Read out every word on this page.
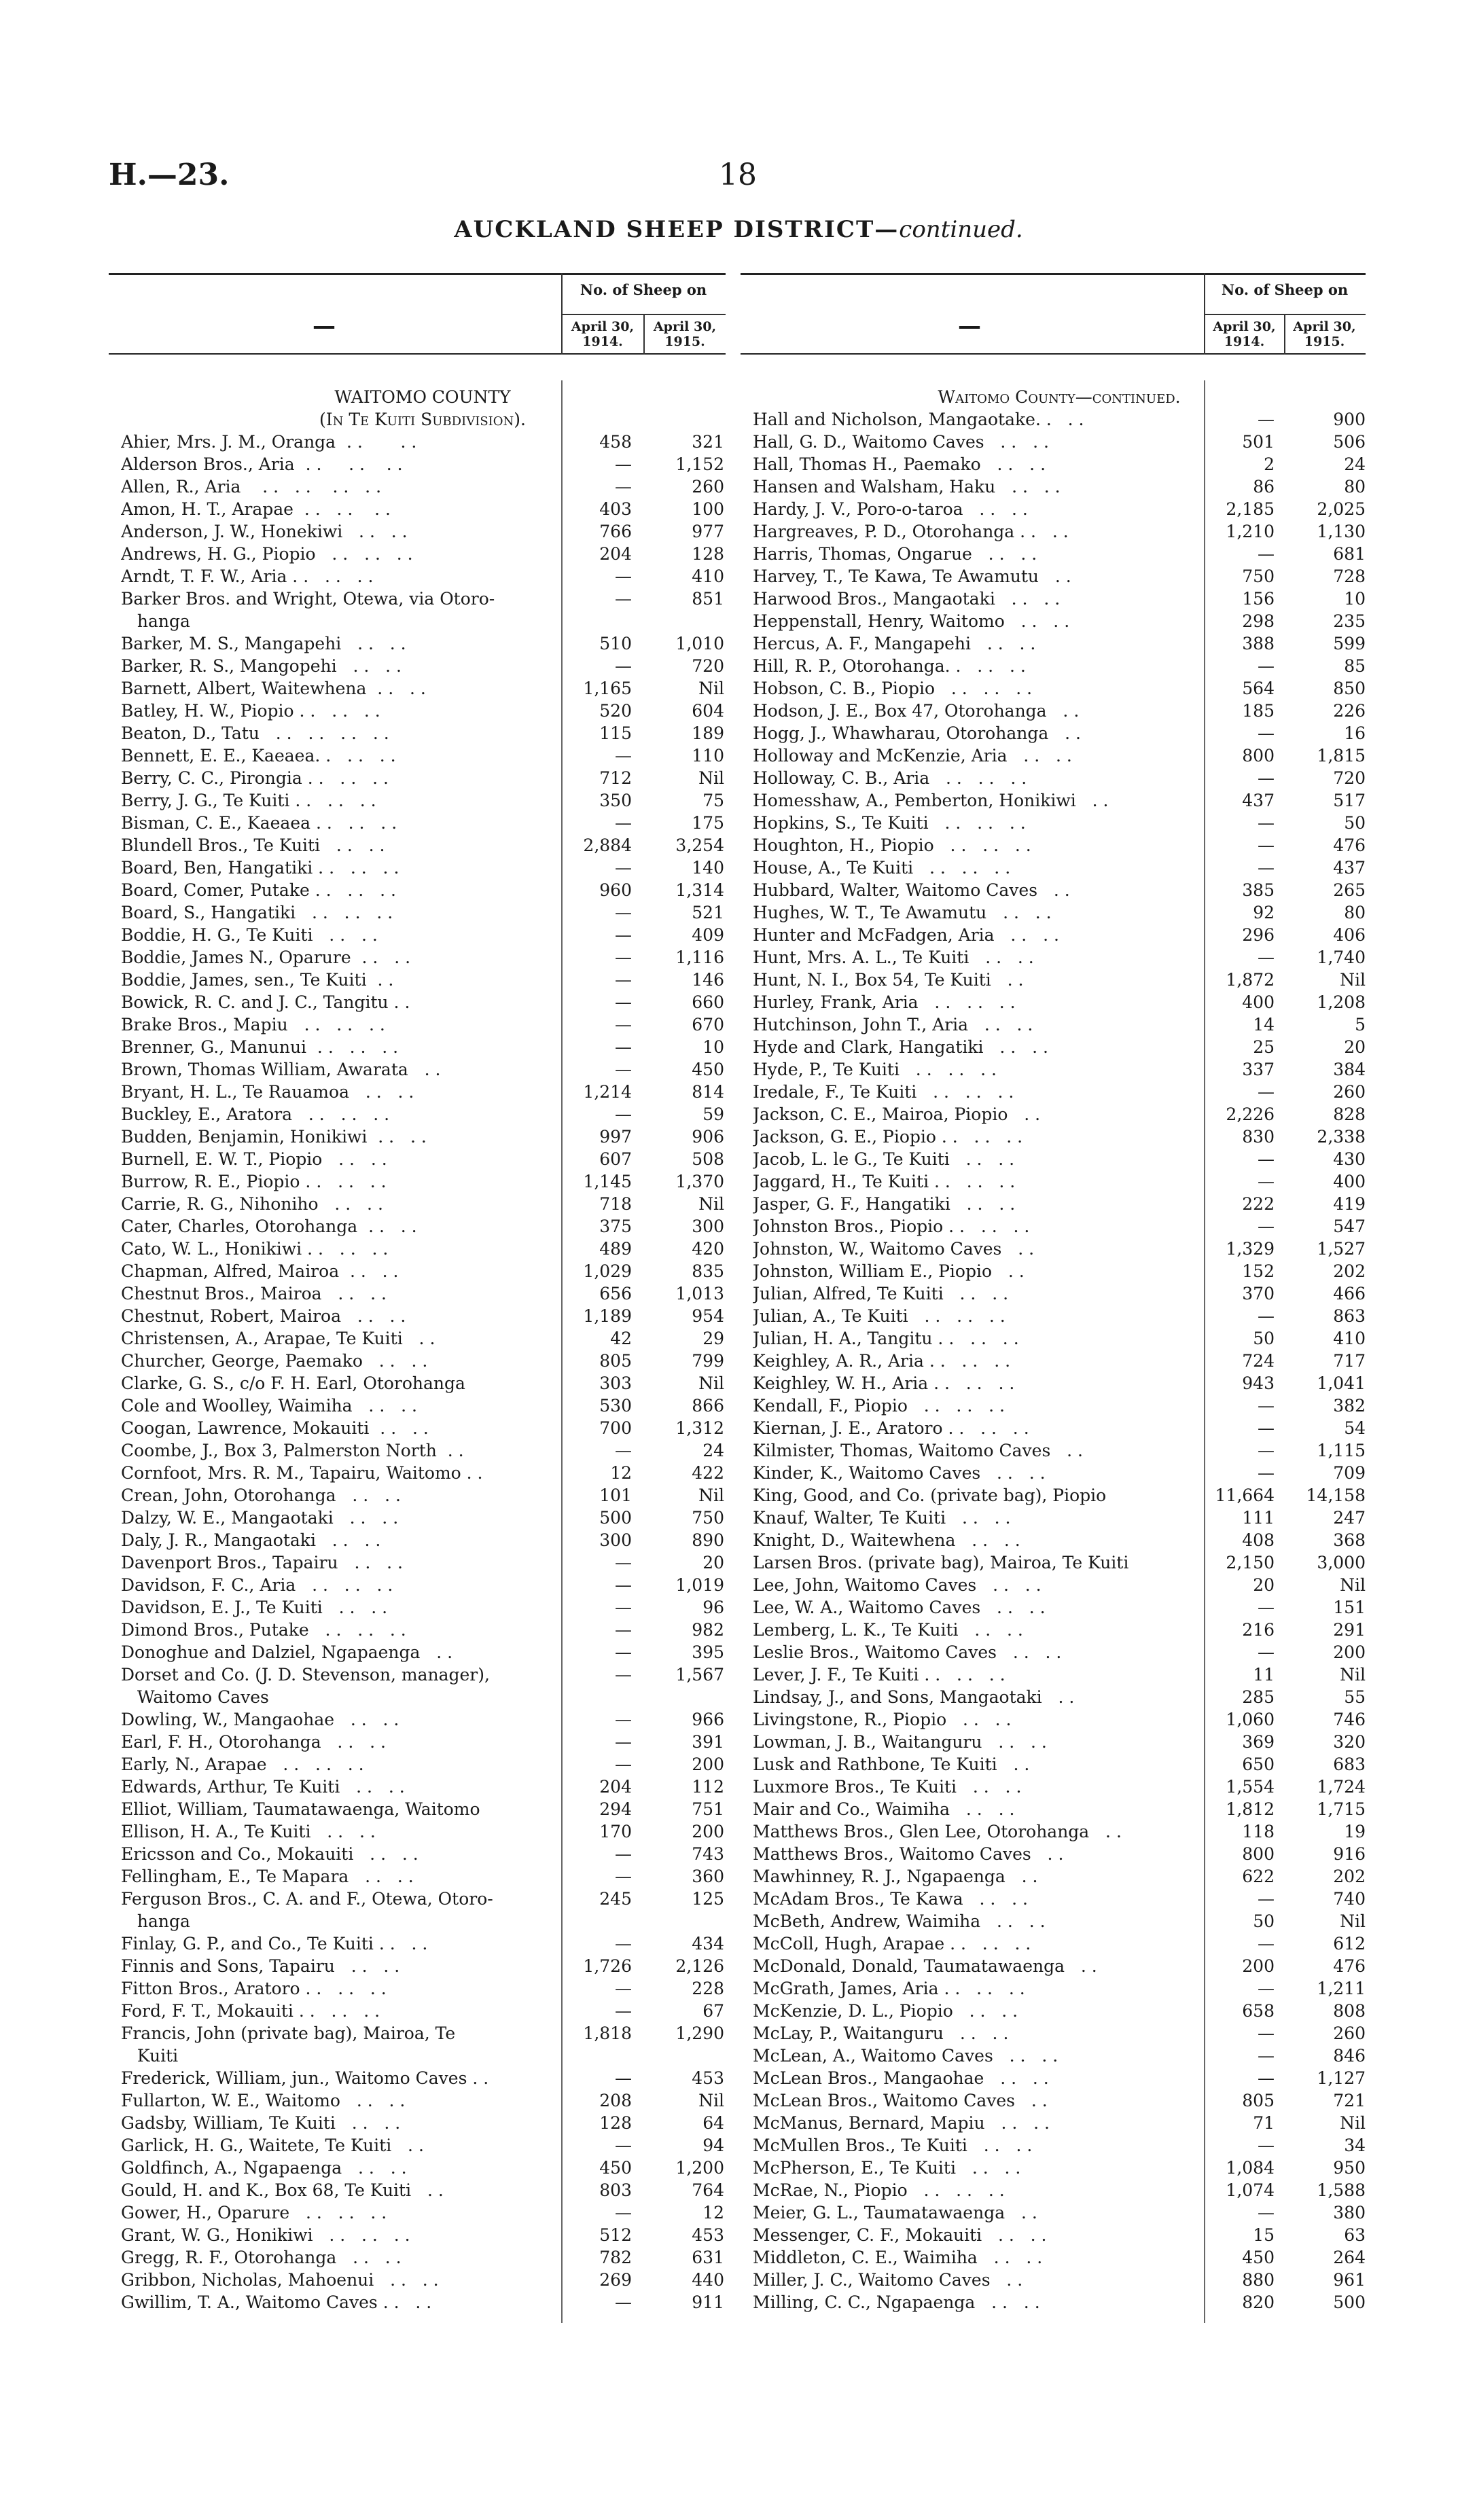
H.—23.	18
AUCKLAND SHEEP DISTRICT—continued.
—
No. of Sheep on
April 30,
1914.
April 30,
1915.
—
No. of Sheep on
April 30,
1914.
April 30,
1915.
WAITOMO COUNTY
(In Te Kuiti Subdivision).
Ahier, Mrs. J. M., Oranga  . .       . .	458	321
Alderson Bros., Aria  . .     . .    . .	—	1,152
Allen, R., Aria    . .   . .    . .   . .	—	260
Amon, H. T., Arapae  . .   . .    . .	403	100
Anderson, J. W., Honekiwi   . .   . .	766	977
Andrews, H. G., Piopio   . .   . .   . .	204	128
Arndt, T. F. W., Aria . .   . .   . .	—	410
Barker Bros. and Wright, Otewa, via Otoro-	—	851
hanga
Barker, M. S., Mangapehi   . .   . .	510	1,010
Barker, R. S., Mangopehi   . .   . .	—	720
Barnett, Albert, Waitewhena  . .   . .	1,165	Nil
Batley, H. W., Piopio . .   . .   . .	520	604
Beaton, D., Tatu   . .   . .   . .   . .	115	189
Bennett, E. E., Kaeaea. .   . .   . .	—	110
Berry, C. C., Pirongia . .   . .   . .	712	Nil
Berry, J. G., Te Kuiti . .   . .   . .	350	75
Bisman, C. E., Kaeaea . .   . .   . .	—	175
Blundell Bros., Te Kuiti   . .   . .	2,884	3,254
Board, Ben, Hangatiki . .   . .   . .	—	140
Board, Comer, Putake . .   . .   . .	960	1,314
Board, S., Hangatiki   . .   . .   . .	—	521
Boddie, H. G., Te Kuiti   . .   . .	—	409
Boddie, James N., Oparure  . .   . .	—	1,116
Boddie, James, sen., Te Kuiti  . .	—	146
Bowick, R. C. and J. C., Tangitu . .	—	660
Brake Bros., Mapiu   . .   . .   . .	—	670
Brenner, G., Manunui  . .   . .   . .	—	10
Brown, Thomas William, Awarata   . .	—	450
Bryant, H. L., Te Rauamoa   . .   . .	1,214	814
Buckley, E., Aratora   . .   . .   . .	—	59
Budden, Benjamin, Honikiwi  . .   . .	997	906
Burnell, E. W. T., Piopio   . .   . .	607	508
Burrow, R. E., Piopio . .   . .   . .	1,145	1,370
Carrie, R. G., Nihoniho   . .   . .	718	Nil
Cater, Charles, Otorohanga  . .   . .	375	300
Cato, W. L., Honikiwi . .   . .   . .	489	420
Chapman, Alfred, Mairoa  . .   . .	1,029	835
Chestnut Bros., Mairoa   . .   . .	656	1,013
Chestnut, Robert, Mairoa   . .   . .	1,189	954
Christensen, A., Arapae, Te Kuiti   . .	42	29
Churcher, George, Paemako   . .   . .	805	799
Clarke, G. S., c/o F. H. Earl, Otorohanga	303	Nil
Cole and Woolley, Waimiha   . .   . .	530	866
Coogan, Lawrence, Mokauiti  . .   . .	700	1,312
Coombe, J., Box 3, Palmerston North  . .	—	24
Cornfoot, Mrs. R. M., Tapairu, Waitomo . .	12	422
Crean, John, Otorohanga   . .   . .	101	Nil
Dalzy, W. E., Mangaotaki   . .   . .	500	750
Daly, J. R., Mangaotaki   . .   . .	300	890
Davenport Bros., Tapairu   . .   . .	—	20
Davidson, F. C., Aria   . .   . .   . .	—	1,019
Davidson, E. J., Te Kuiti   . .   . .	—	96
Dimond Bros., Putake   . .   . .   . .	—	982
Donoghue and Dalziel, Ngapaenga   . .	—	395
Dorset and Co. (J. D. Stevenson, manager),	—	1,567
Waitomo Caves
Dowling, W., Mangaohae   . .   . .	—	966
Earl, F. H., Otorohanga   . .   . .	—	391
Early, N., Arapae   . .   . .   . .	—	200
Edwards, Arthur, Te Kuiti   . .   . .	204	112
Elliot, William, Taumatawaenga, Waitomo	294	751
Ellison, H. A., Te Kuiti   . .   . .	170	200
Ericsson and Co., Mokauiti   . .   . .	—	743
Fellingham, E., Te Mapara   . .   . .	—	360
Ferguson Bros., C. A. and F., Otewa, Otoro-	245	125
hanga
Finlay, G. P., and Co., Te Kuiti . .   . .	—	434
Finnis and Sons, Tapairu   . .   . .	1,726	2,126
Fitton Bros., Aratoro . .   . .   . .	—	228
Ford, F. T., Mokauiti . .   . .   . .	—	67
Francis, John (private bag), Mairoa, Te	1,818	1,290
Kuiti
Frederick, William, jun., Waitomo Caves . .	—	453
Fullarton, W. E., Waitomo   . .   . .	208	Nil
Gadsby, William, Te Kuiti   . .   . .	128	64
Garlick, H. G., Waitete, Te Kuiti   . .	—	94
Goldfinch, A., Ngapaenga   . .   . .	450	1,200
Gould, H. and K., Box 68, Te Kuiti   . .	803	764
Gower, H., Oparure   . .   . .   . .	—	12
Grant, W. G., Honikiwi   . .   . .   . .	512	453
Gregg, R. F., Otorohanga   . .   . .	782	631
Gribbon, Nicholas, Mahoenui   . .   . .	269	440
Gwillim, T. A., Waitomo Caves . .   . .	—	911
Waitomo County—continued.
Hall and Nicholson, Mangaotake. .   . .	—	900
Hall, G. D., Waitomo Caves   . .   . .	501	506
Hall, Thomas H., Paemako   . .   . .	2	24
Hansen and Walsham, Haku   . .   . .	86	80
Hardy, J. V., Poro-o-taroa   . .   . .	2,185	2,025
Hargreaves, P. D., Otorohanga . .   . .	1,210	1,130
Harris, Thomas, Ongarue   . .   . .	—	681
Harvey, T., Te Kawa, Te Awamutu   . .	750	728
Harwood Bros., Mangaotaki   . .   . .	156	10
Heppenstall, Henry, Waitomo   . .   . .	298	235
Hercus, A. F., Mangapehi   . .   . .	388	599
Hill, R. P., Otorohanga. .   . .   . .	—	85
Hobson, C. B., Piopio   . .   . .   . .	564	850
Hodson, J. E., Box 47, Otorohanga   . .	185	226
Hogg, J., Whawharau, Otorohanga   . .	—	16
Holloway and McKenzie, Aria   . .   . .	800	1,815
Holloway, C. B., Aria   . .   . .   . .	—	720
Homesshaw, A., Pemberton, Honikiwi   . .	437	517
Hopkins, S., Te Kuiti   . .   . .   . .	—	50
Houghton, H., Piopio   . .   . .   . .	—	476
House, A., Te Kuiti   . .   . .   . .	—	437
Hubbard, Walter, Waitomo Caves   . .	385	265
Hughes, W. T., Te Awamutu   . .   . .	92	80
Hunter and McFadgen, Aria   . .   . .	296	406
Hunt, Mrs. A. L., Te Kuiti   . .   . .	—	1,740
Hunt, N. I., Box 54, Te Kuiti   . .	1,872	Nil
Hurley, Frank, Aria   . .   . .   . .	400	1,208
Hutchinson, John T., Aria   . .   . .	14	5
Hyde and Clark, Hangatiki   . .   . .	25	20
Hyde, P., Te Kuiti   . .   . .   . .	337	384
Iredale, F., Te Kuiti   . .   . .   . .	—	260
Jackson, C. E., Mairoa, Piopio   . .	2,226	828
Jackson, G. E., Piopio . .   . .   . .	830	2,338
Jacob, L. le G., Te Kuiti   . .   . .	—	430
Jaggard, H., Te Kuiti . .   . .   . .	—	400
Jasper, G. F., Hangatiki   . .   . .	222	419
Johnston Bros., Piopio . .   . .   . .	—	547
Johnston, W., Waitomo Caves   . .	1,329	1,527
Johnston, William E., Piopio   . .	152	202
Julian, Alfred, Te Kuiti   . .   . .	370	466
Julian, A., Te Kuiti   . .   . .   . .	—	863
Julian, H. A., Tangitu . .   . .   . .	50	410
Keighley, A. R., Aria . .   . .   . .	724	717
Keighley, W. H., Aria . .   . .   . .	943	1,041
Kendall, F., Piopio   . .   . .   . .	—	382
Kiernan, J. E., Aratoro . .   . .   . .	—	54
Kilmister, Thomas, Waitomo Caves   . .	—	1,115
Kinder, K., Waitomo Caves   . .   . .	—	709
King, Good, and Co. (private bag), Piopio	11,664	14,158
Knauf, Walter, Te Kuiti   . .   . .	111	247
Knight, D., Waitewhena   . .   . .	408	368
Larsen Bros. (private bag), Mairoa, Te Kuiti	2,150	3,000
Lee, John, Waitomo Caves   . .   . .	20	Nil
Lee, W. A., Waitomo Caves   . .   . .	—	151
Lemberg, L. K., Te Kuiti   . .   . .	216	291
Leslie Bros., Waitomo Caves   . .   . .	—	200
Lever, J. F., Te Kuiti . .   . .   . .	11	Nil
Lindsay, J., and Sons, Mangaotaki   . .	285	55
Livingstone, R., Piopio   . .   . .	1,060	746
Lowman, J. B., Waitanguru   . .   . .	369	320
Lusk and Rathbone, Te Kuiti   . .	650	683
Luxmore Bros., Te Kuiti   . .   . .	1,554	1,724
Mair and Co., Waimiha   . .   . .	1,812	1,715
Matthews Bros., Glen Lee, Otorohanga   . .	118	19
Matthews Bros., Waitomo Caves   . .	800	916
Mawhinney, R. J., Ngapaenga   . .	622	202
McAdam Bros., Te Kawa   . .   . .	—	740
McBeth, Andrew, Waimiha   . .   . .	50	Nil
McColl, Hugh, Arapae . .   . .   . .	—	612
McDonald, Donald, Taumatawaenga   . .	200	476
McGrath, James, Aria . .   . .   . .	—	1,211
McKenzie, D. L., Piopio   . .   . .	658	808
McLay, P., Waitanguru   . .   . .	—	260
McLean, A., Waitomo Caves   . .   . .	—	846
McLean Bros., Mangaohae   . .   . .	—	1,127
McLean Bros., Waitomo Caves   . .	805	721
McManus, Bernard, Mapiu   . .   . .	71	Nil
McMullen Bros., Te Kuiti   . .   . .	—	34
McPherson, E., Te Kuiti   . .   . .	1,084	950
McRae, N., Piopio   . .   . .   . .	1,074	1,588
Meier, G. L., Taumatawaenga   . .	—	380
Messenger, C. F., Mokauiti   . .   . .	15	63
Middleton, C. E., Waimiha   . .   . .	450	264
Miller, J. C., Waitomo Caves   . .	880	961
Milling, C. C., Ngapaenga   . .   . .	820	500
